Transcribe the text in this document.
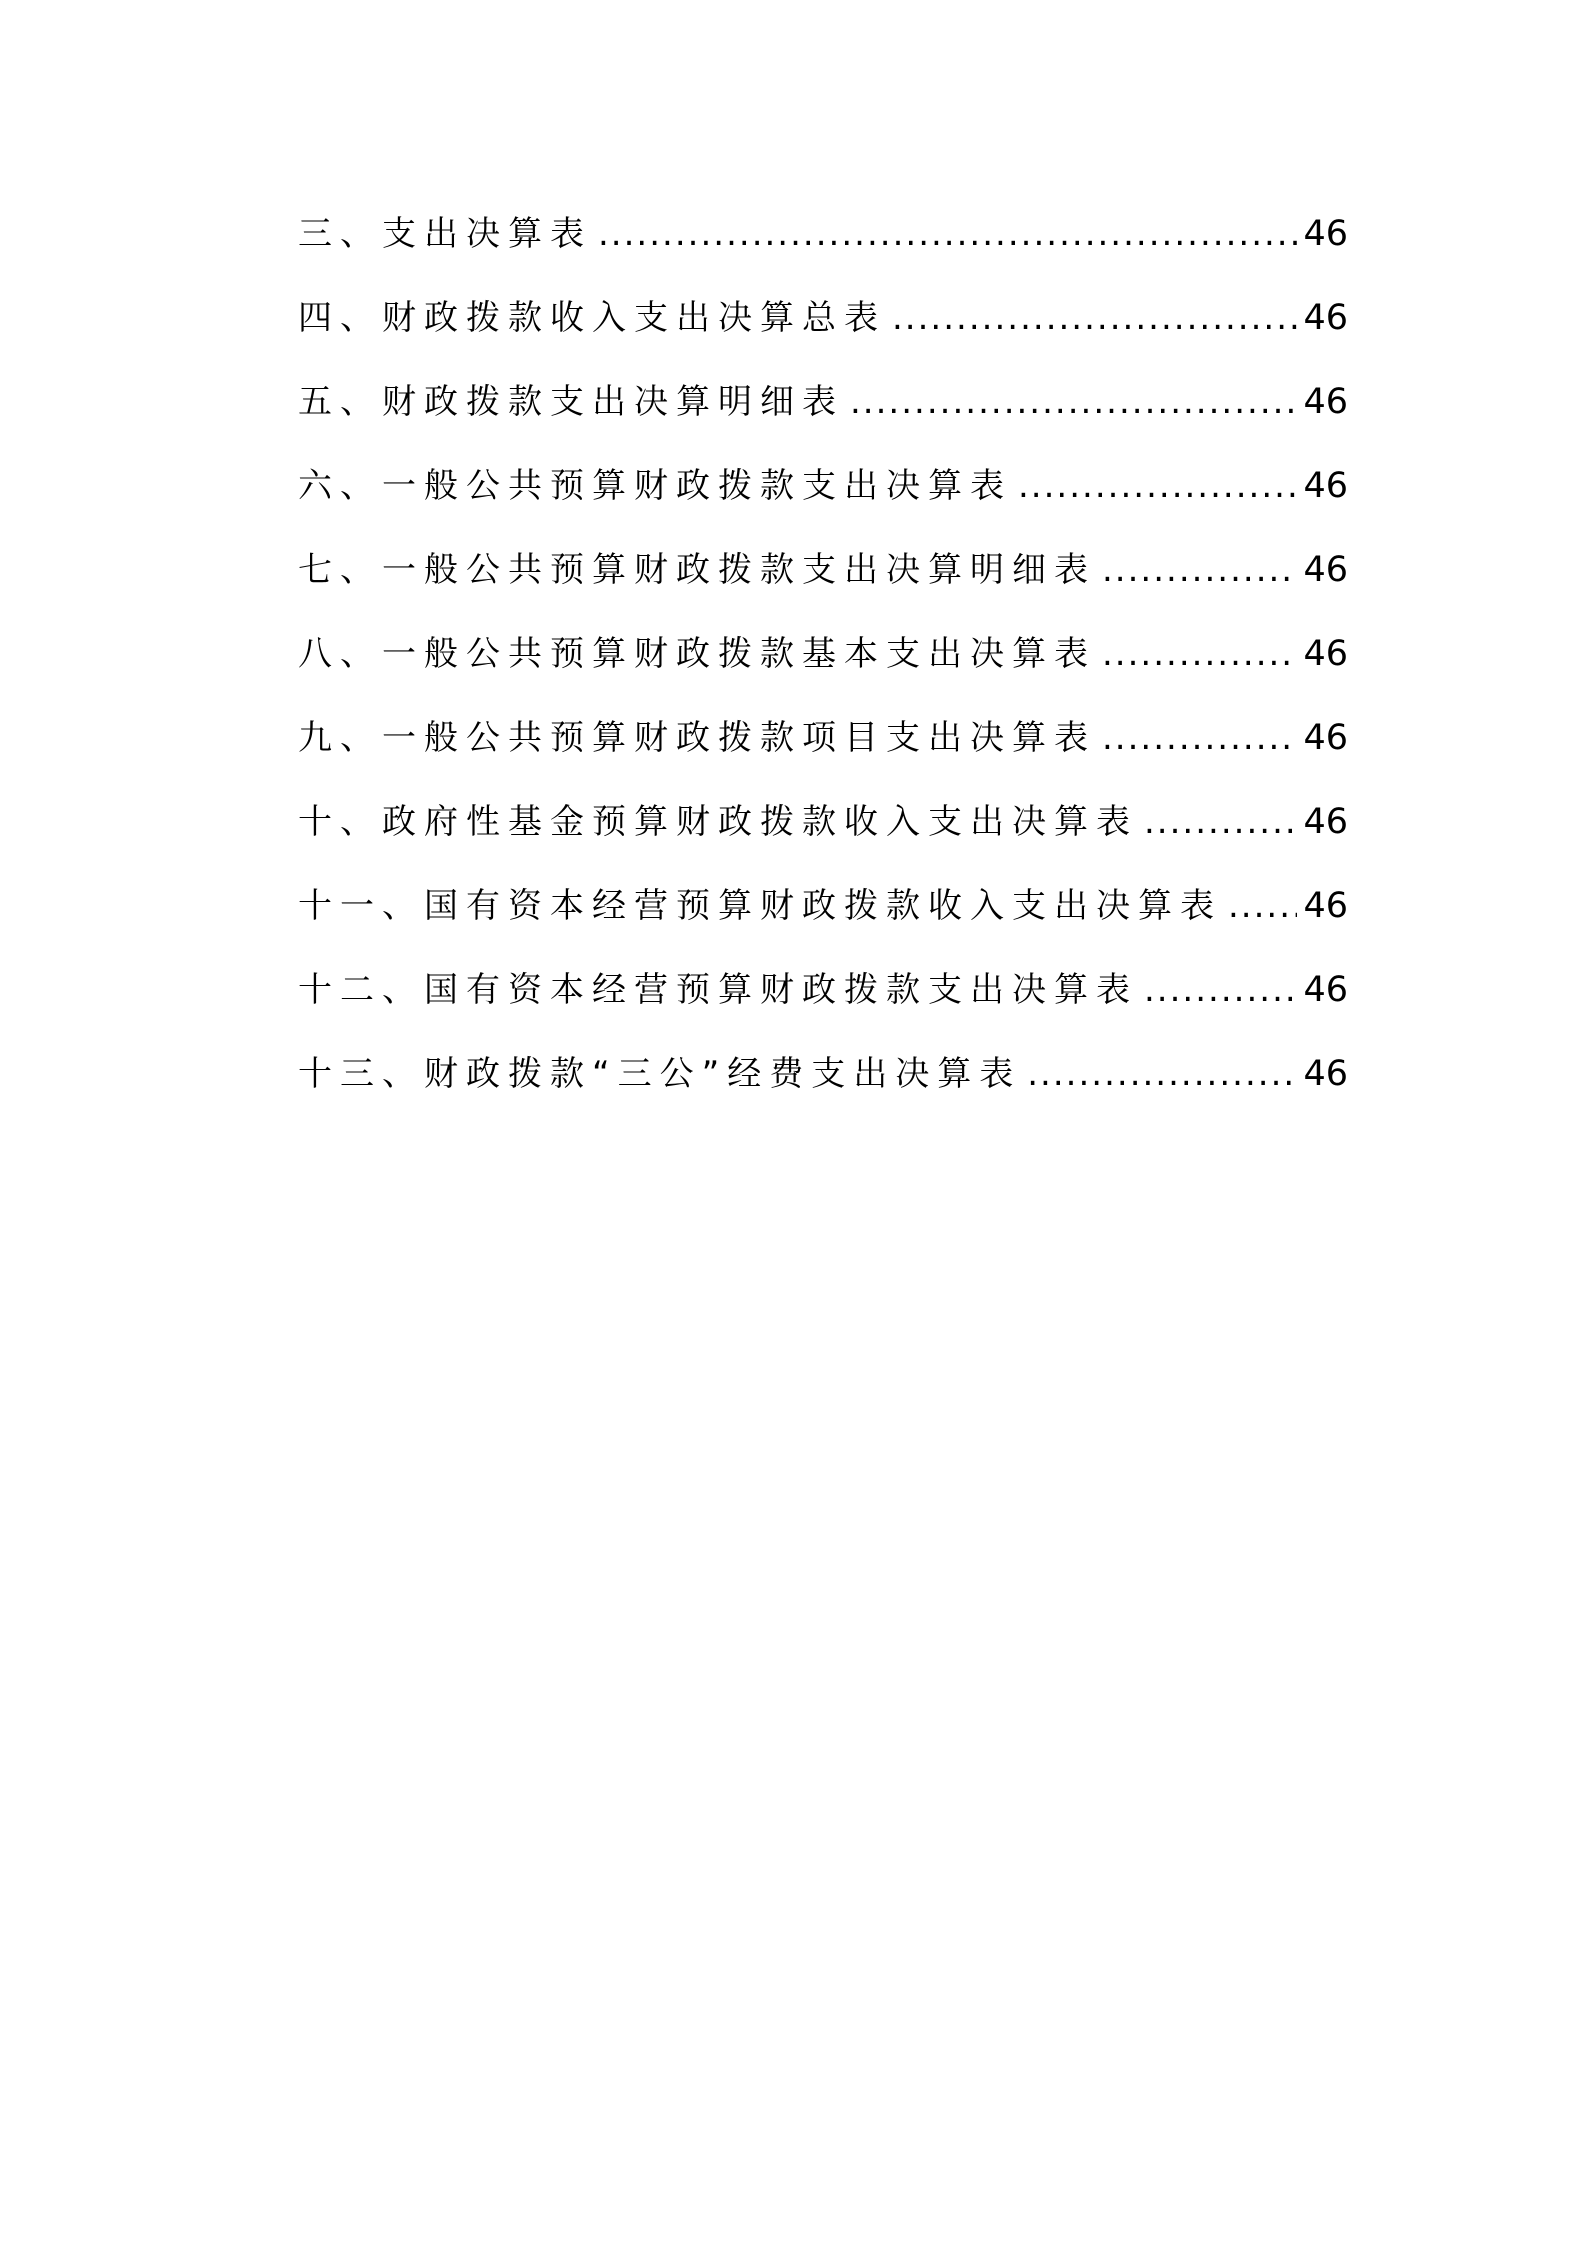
三、支出决算表 .....	46
四、财政拨款收入支出决算总表 .....	46
五、财政拨款支出决算明细表 .....	46
六、一般公共预算财政拨款支出决算表 .....	46
七、一般公共预算财政拨款支出决算明细表 .....	46
八、一般公共预算财政拨款基本支出决算表 .....	46
九、一般公共预算财政拨款项目支出决算表 .....	46
十、政府性基金预算财政拨款收入支出决算表 .....	46
十一、国有资本经营预算财政拨款收入支出决算表 ..... 46
十二、国有资本经营预算财政拨款支出决算表 .....	46
十三、财政拨款“三公”经费支出决算表 .....	46
